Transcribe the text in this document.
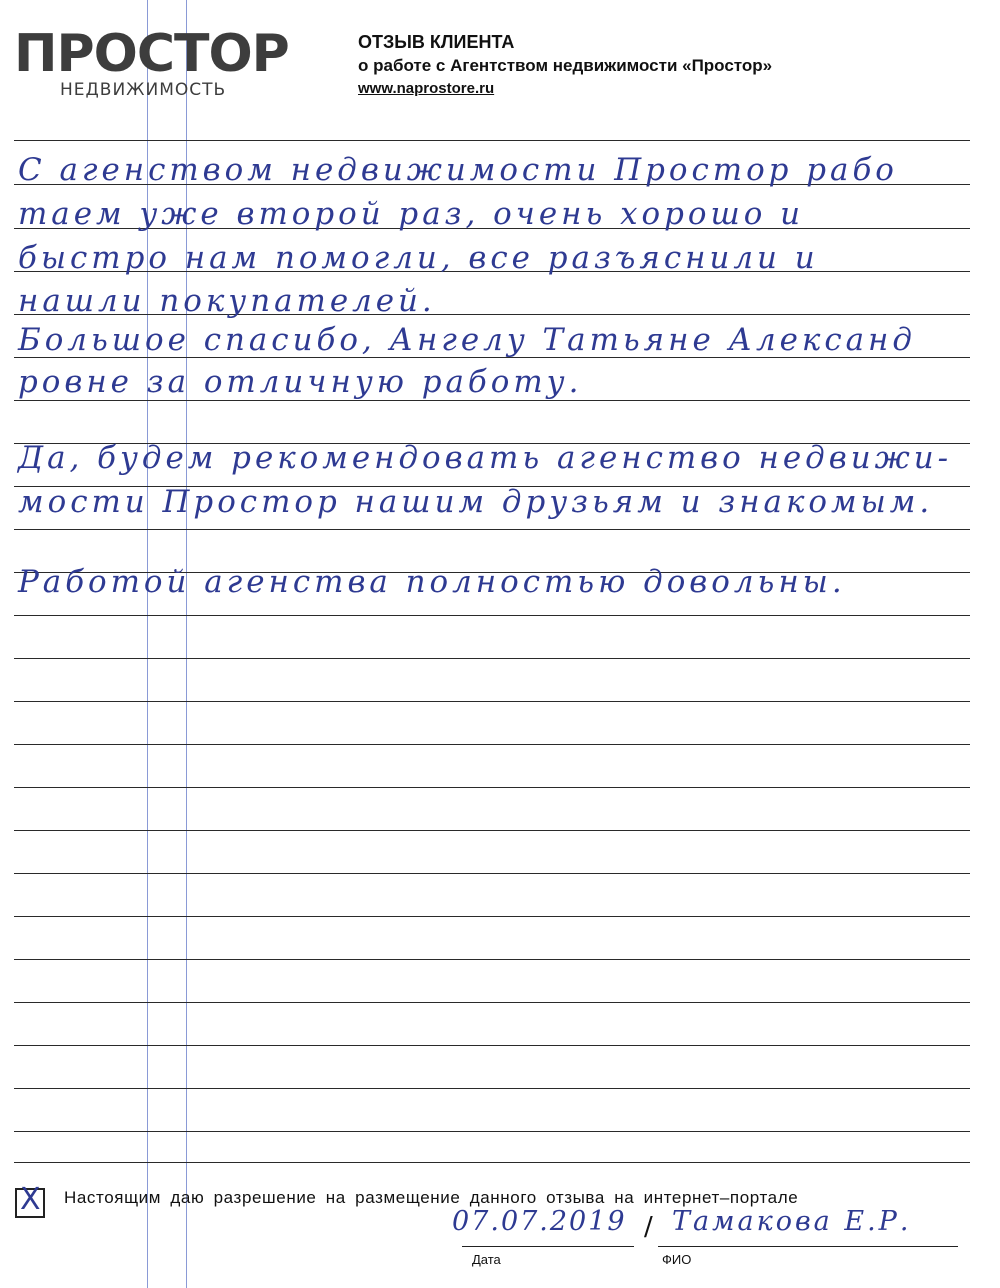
ПРОСТОР
НЕДВИЖИМОСТЬ
ОТЗЫВ КЛИЕНТА
о работе с Агентством недвижимости «Простор»
www.naprostore.ru
С агенством недвижимости Простор рабо
таем уже второй раз, очень хорошо и
быстро нам помогли, все разъяснили и
нашли покупателей.
Большое спасибо, Ангелу Татьяне Александ
ровне за отличную работу.
Да, будем рекомендовать агенство недвижи-
мости Простор нашим друзьям и знакомым.
Работой агенства полностью довольны.
X Настоящим даю разрешение на размещение данного отзыва на интернет–портале
07.07.2019 / Тамакова Е.Р.
Дата	ФИО
